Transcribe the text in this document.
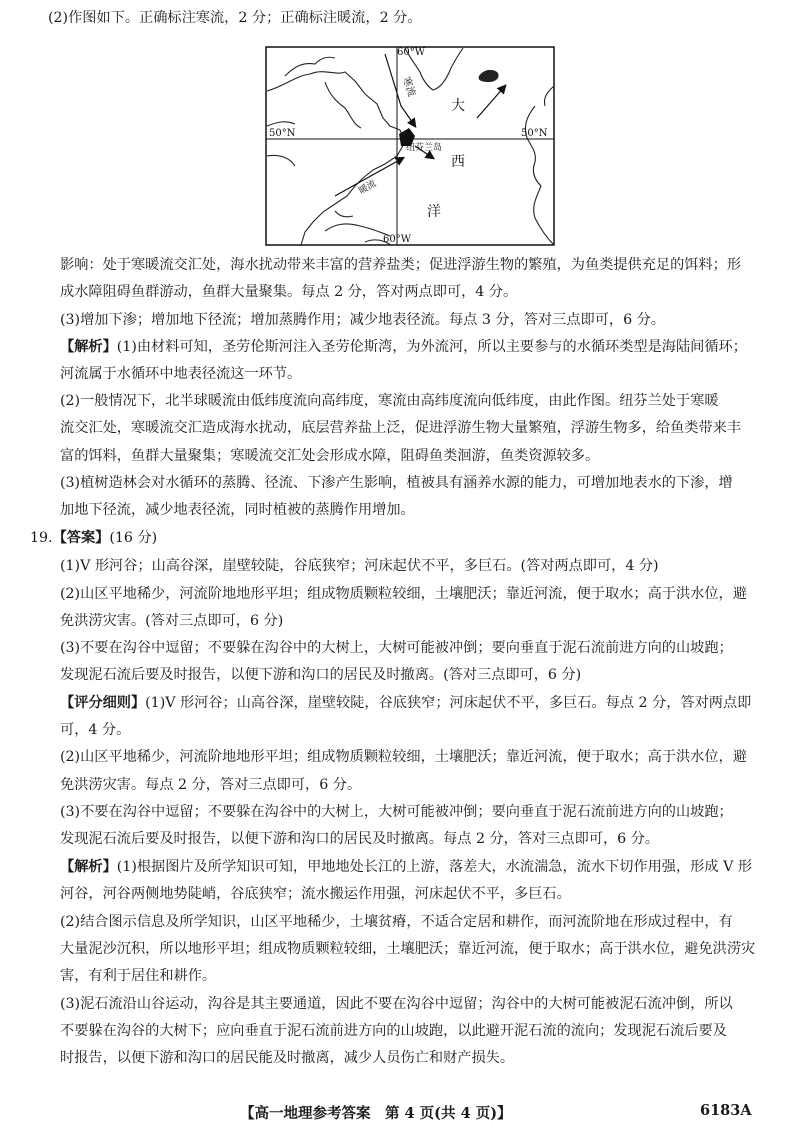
(2)作图如下。正确标注寒流，2 分；正确标注暖流，2 分。
60°W
60°W
50°N	50°N
纽芬兰岛
大
西
洋
寒流
暖流
影响：处于寒暖流交汇处，海水扰动带来丰富的营养盐类；促进浮游生物的繁殖，为鱼类提供充足的饵料；形
成水障阻碍鱼群游动，鱼群大量聚集。每点 2 分，答对两点即可，4 分。
(3)增加下渗；增加地下径流；增加蒸腾作用；减少地表径流。每点 3 分，答对三点即可，6 分。
【解析】(1)由材料可知，圣劳伦斯河注入圣劳伦斯湾，为外流河，所以主要参与的水循环类型是海陆间循环；
河流属于水循环中地表径流这一环节。
(2)一般情况下，北半球暖流由低纬度流向高纬度，寒流由高纬度流向低纬度，由此作图。纽芬兰处于寒暖
流交汇处，寒暖流交汇造成海水扰动，底层营养盐上泛，促进浮游生物大量繁殖，浮游生物多，给鱼类带来丰
富的饵料，鱼群大量聚集；寒暖流交汇处会形成水障，阻碍鱼类洄游，鱼类资源较多。
(3)植树造林会对水循环的蒸腾、径流、下渗产生影响，植被具有涵养水源的能力，可增加地表水的下渗，增
加地下径流，减少地表径流，同时植被的蒸腾作用增加。
19.【答案】(16 分)
(1)V 形河谷；山高谷深，崖壁较陡，谷底狭窄；河床起伏不平，多巨石。(答对两点即可，4 分)
(2)山区平地稀少，河流阶地地形平坦；组成物质颗粒较细，土壤肥沃；靠近河流，便于取水；高于洪水位，避
免洪涝灾害。(答对三点即可，6 分)
(3)不要在沟谷中逗留；不要躲在沟谷中的大树上，大树可能被冲倒；要向垂直于泥石流前进方向的山坡跑；
发现泥石流后要及时报告，以便下游和沟口的居民及时撤离。(答对三点即可，6 分)
【评分细则】(1)V 形河谷；山高谷深，崖壁较陡，谷底狭窄；河床起伏不平，多巨石。每点 2 分，答对两点即
可，4 分。
(2)山区平地稀少，河流阶地地形平坦；组成物质颗粒较细，土壤肥沃；靠近河流，便于取水；高于洪水位，避
免洪涝灾害。每点 2 分，答对三点即可，6 分。
(3)不要在沟谷中逗留；不要躲在沟谷中的大树上，大树可能被冲倒；要向垂直于泥石流前进方向的山坡跑；
发现泥石流后要及时报告，以便下游和沟口的居民及时撤离。每点 2 分，答对三点即可，6 分。
【解析】(1)根据图片及所学知识可知，甲地地处长江的上游，落差大，水流湍急，流水下切作用强，形成 V 形
河谷，河谷两侧地势陡峭，谷底狭窄；流水搬运作用强，河床起伏不平，多巨石。
(2)结合图示信息及所学知识，山区平地稀少，土壤贫瘠，不适合定居和耕作，而河流阶地在形成过程中，有
大量泥沙沉积，所以地形平坦；组成物质颗粒较细，土壤肥沃；靠近河流，便于取水；高于洪水位，避免洪涝灾
害，有利于居住和耕作。
(3)泥石流沿山谷运动，沟谷是其主要通道，因此不要在沟谷中逗留；沟谷中的大树可能被泥石流冲倒，所以
不要躲在沟谷的大树下；应向垂直于泥石流前进方向的山坡跑，以此避开泥石流的流向；发现泥石流后要及
时报告，以便下游和沟口的居民能及时撤离，减少人员伤亡和财产损失。
【高一地理参考答案　第 4 页(共 4 页)】	6183A
